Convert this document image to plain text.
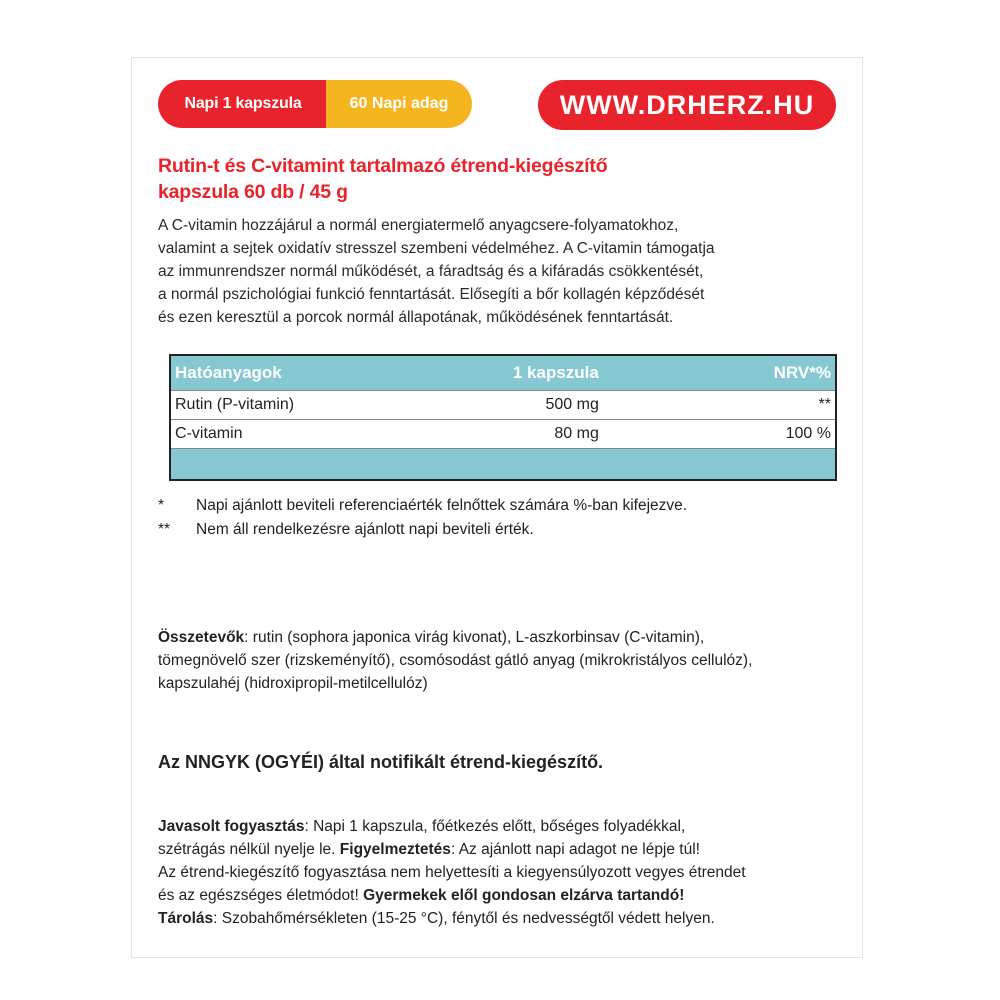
Napi 1 kapszula	60 Napi adag	WWW.DRHERZ.HU
Rutin-t és C-vitamint tartalmazó étrend-kiegészítő
kapszula 60 db / 45 g
A C-vitamin hozzájárul a normál energiatermelő anyagcsere-folyamatokhoz,
valamint a sejtek oxidatív stresszel szembeni védelméhez. A C-vitamin támogatja
az immunrendszer normál működését, a fáradtság és a kifáradás csökkentését,
a normál pszichológiai funkció fenntartását. Elősegíti a bőr kollagén képződését
és ezen keresztül a porcok normál állapotának, működésének fenntartását.
Hatóanyagok	1 kapszula	NRV*%
Rutin (P-vitamin)	500 mg	**
C-vitamin	80 mg	100 %

*	Napi ajánlott beviteli referenciaérték felnőttek számára %-ban kifejezve.
**	Nem áll rendelkezésre ajánlott napi beviteli érték.
Összetevők: rutin (sophora japonica virág kivonat), L-aszkorbinsav (C-vitamin),
tömegnövelő szer (rizskeményítő), csomósodást gátló anyag (mikrokristályos cellulóz),
kapszulahéj (hidroxipropil-metilcellulóz)
Az NNGYK (OGYÉI) által notifikált étrend-kiegészítő.
Javasolt fogyasztás: Napi 1 kapszula, főétkezés előtt, bőséges folyadékkal,
szétrágás nélkül nyelje le. Figyelmeztetés: Az ajánlott napi adagot ne lépje túl!
Az étrend-kiegészítő fogyasztása nem helyettesíti a kiegyensúlyozott vegyes étrendet
és az egészséges életmódot! Gyermekek elől gondosan elzárva tartandó!
Tárolás: Szobahőmérsékleten (15-25 °C), fénytől és nedvességtől védett helyen.
